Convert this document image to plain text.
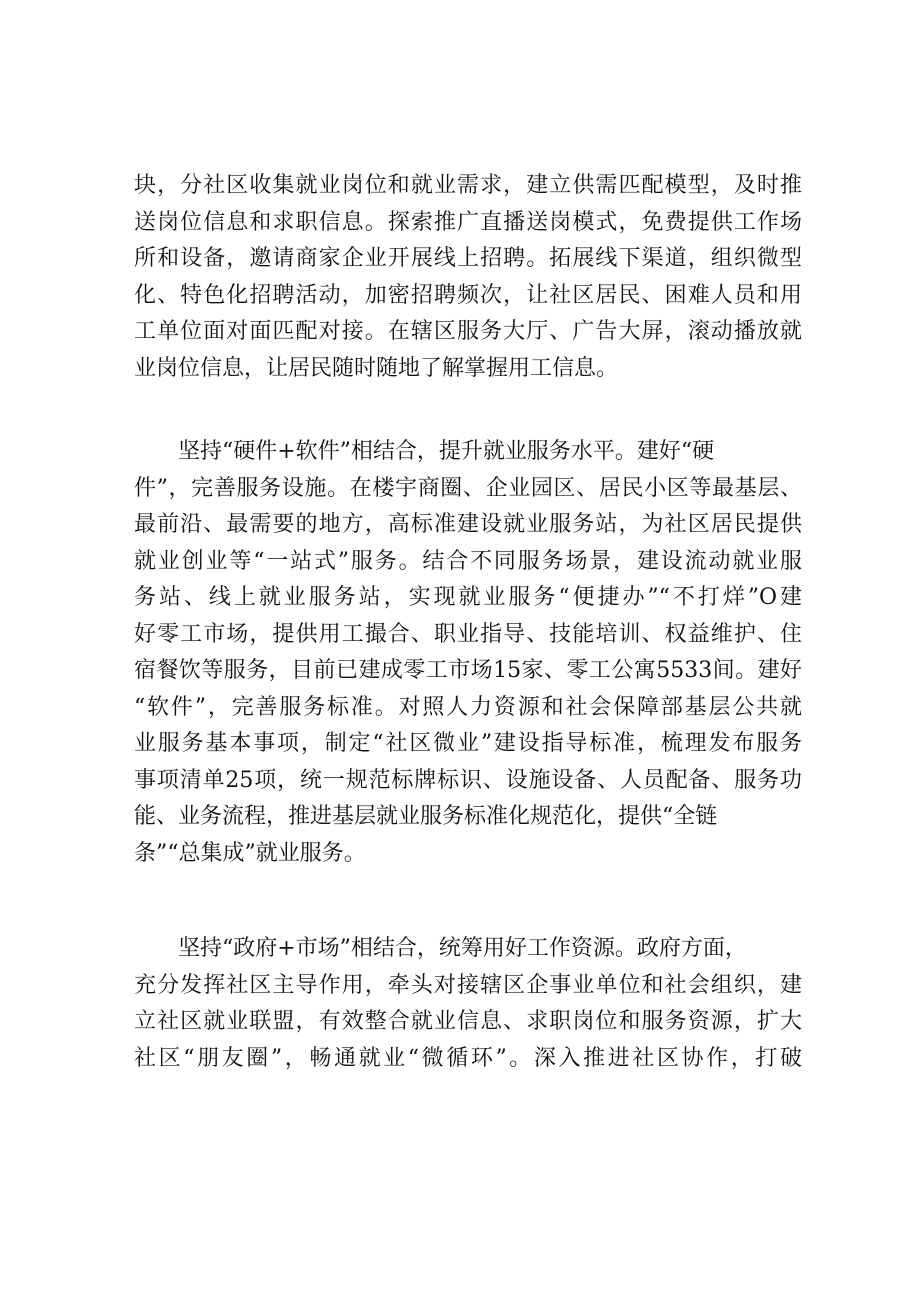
块，分社区收集就业岗位和就业需求，建立供需匹配模型，及时推
送岗位信息和求职信息。探索推广直播送岗模式，免费提供工作场
所和设备，邀请商家企业开展线上招聘。拓展线下渠道，组织微型
化、特色化招聘活动，加密招聘频次，让社区居民、困难人员和用
工单位面对面匹配对接。在辖区服务大厅、广告大屏，滚动播放就
业岗位信息，让居民随时随地了解掌握用工信息。
　　坚持“硬件+软件”相结合，提升就业服务水平。建好“硬
件”，完善服务设施。在楼宇商圈、企业园区、居民小区等最基层、
最前沿、最需要的地方，高标准建设就业服务站，为社区居民提供
就业创业等“一站式”服务。结合不同服务场景，建设流动就业服
务站、线上就业服务站，实现就业服务“便捷办”“不打烊”O建
好零工市场，提供用工撮合、职业指导、技能培训、权益维护、住
宿餐饮等服务，目前已建成零工市场15家、零工公寓5533间。建好
“软件”，完善服务标准。对照人力资源和社会保障部基层公共就
业服务基本事项，制定“社区微业”建设指导标准，梳理发布服务
事项清单25项，统一规范标牌标识、设施设备、人员配备、服务功
能、业务流程，推进基层就业服务标准化规范化，提供“全链
条”“总集成”就业服务。
　　坚持“政府+市场”相结合，统筹用好工作资源。政府方面，
充分发挥社区主导作用，牵头对接辖区企事业单位和社会组织，建
立社区就业联盟，有效整合就业信息、求职岗位和服务资源，扩大
社区“朋友圈”，畅通就业“微循环”。深入推进社区协作，打破
